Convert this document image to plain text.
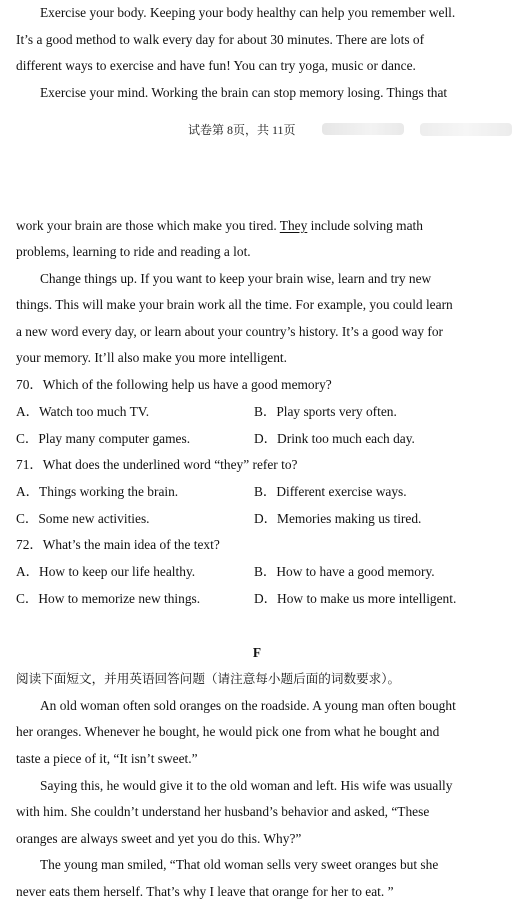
Exercise your body. Keeping your body healthy can help you remember well.
It’s a good method to walk every day for about 30 minutes. There are lots of
different ways to exercise and have fun! You can try yoga, music or dance.
Exercise your mind. Working the brain can stop memory losing. Things that
试卷第 8页，共 11页
work your brain are those which make you tired. They include solving math
problems, learning to ride and reading a lot.
Change things up. If you want to keep your brain wise, learn and try new
things. This will make your brain work all the time. For example, you could learn
a new word every day, or learn about your country’s history. It’s a good way for
your memory. It’ll also make you more intelligent.
70．Which of the following help us have a good memory?
A．Watch too much TV.	B．Play sports very often.
C．Play many computer games.	D．Drink too much each day.
71．What does the underlined word “they” refer to?
A．Things working the brain.	B．Different exercise ways.
C．Some new activities.	D．Memories making us tired.
72．What’s the main idea of the text?
A．How to keep our life healthy.	B．How to have a good memory.
C．How to memorize new things.	D．How to make us more intelligent.
F
阅读下面短文，并用英语回答问题（请注意每小题后面的词数要求）。
An old woman often sold oranges on the roadside. A young man often bought
her oranges. Whenever he bought, he would pick one from what he bought and
taste a piece of it, “It isn’t sweet.”
Saying this, he would give it to the old woman and left. His wife was usually
with him. She couldn’t understand her husband’s behavior and asked, “These
oranges are always sweet and yet you do this. Why?”
The young man smiled, “That old woman sells very sweet oranges but she
never eats them herself. That’s why I leave that orange for her to eat. ”
